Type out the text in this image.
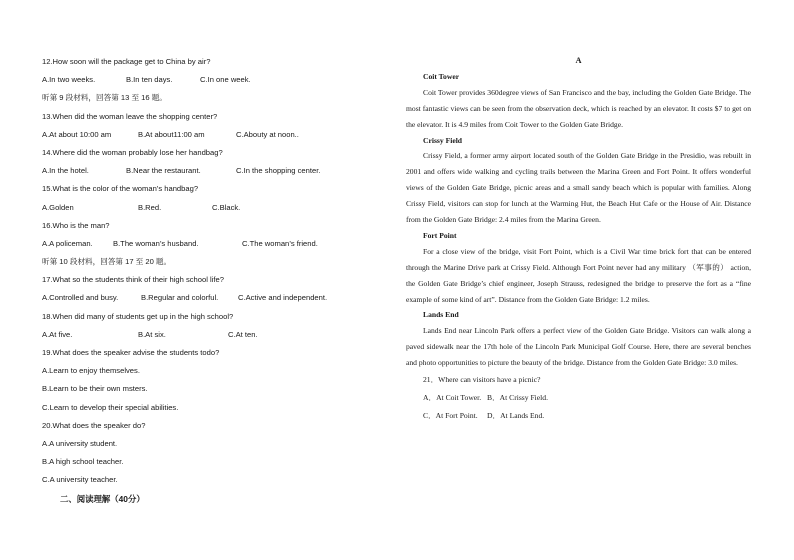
12.How soon will the package get to China by air?
A.In two weeks.	B.In ten days.	C.In one week.
听第 9 段材料，回答第 13 至 16 题。
13.When did the woman leave the shopping center?
A.At about 10:00 am	B.At about11:00 am	C.Aboutу at noon..
14.Where did the woman probably lose her handbag?
A.In the hotel.	B.Near the restaurant.	C.In the shopping center.
15.What is the color of the woman’s handbag?
A.Golden	B.Red.	C.Black.
16.Who is the man?
A.A policeman.	B.The woman’s husband.	C.The woman’s friend.
听第 10 段材料，回答第 17 至 20 题。
17.What so the students think of their high school life?
A.Controlled and busy.	B.Regular and colorful.	C.Active and independent.
18.When did many of students get up in the high school?
A.At five.	B.At six.	C.At ten.
19.What does the speaker advise the students todo?
A.Learn to enjoy themselves.
B.Learn to be their own msters.
C.Learn to develop their special abilities.
20.What does the speaker do?
A.A university student.
B.A high school teacher.
C.A university teacher.
二、阅读理解（40分）
A
Coit Tower
Coit Tower provides 360degree views of San Francisco and the bay, including the Golden Gate Bridge. The most fantastic views can be seen from the observation deck, which is reached by an elevator. It costs $7 to get on the elevator. It is 4.9 miles from Coit Tower to the Golden Gate Bridge.
Crissy Field
Crissy Field, a former army airport located south of the Golden Gate Bridge in the Presidio, was rebuilt in 2001 and offers wide walking and cycling trails between the Marina Green and Fort Point. It offers wonderful views of the Golden Gate Bridge, picnic areas and a small sandy beach which is popular with families. Along Crissy Field, visitors can stop for lunch at the Warming Hut, the Beach Hut Cafe or the House of Air. Distance from the Golden Gate Bridge: 2.4 miles from the Marina Green.
Fort Point
For a close view of the bridge, visit Fort Point, which is a Civil War time brick fort that can be entered through the Marine Drive park at Crissy Field. Although Fort Point never had any military （军事的） action, the Golden Gate Bridge’s chief engineer, Joseph Strauss, redesigned the bridge to preserve the fort as a “fine example of some kind of art”. Distance from the Golden Gate Bridge: 1.2 miles.
Lands End
Lands End near Lincoln Park offers a perfect view of the Golden Gate Bridge. Visitors can walk along a paved sidewalk near the 17th hole of the Lincoln Park Municipal Golf Course. Here, there are several benches and photo opportunities to picture the beauty of the bridge. Distance from the Golden Gate Bridge: 3.0 miles.
21．Where can visitors have a picnic?
A．At Coit Tower. B．At Crissy Field.
C．At Fort Point. D．At Lands End.
